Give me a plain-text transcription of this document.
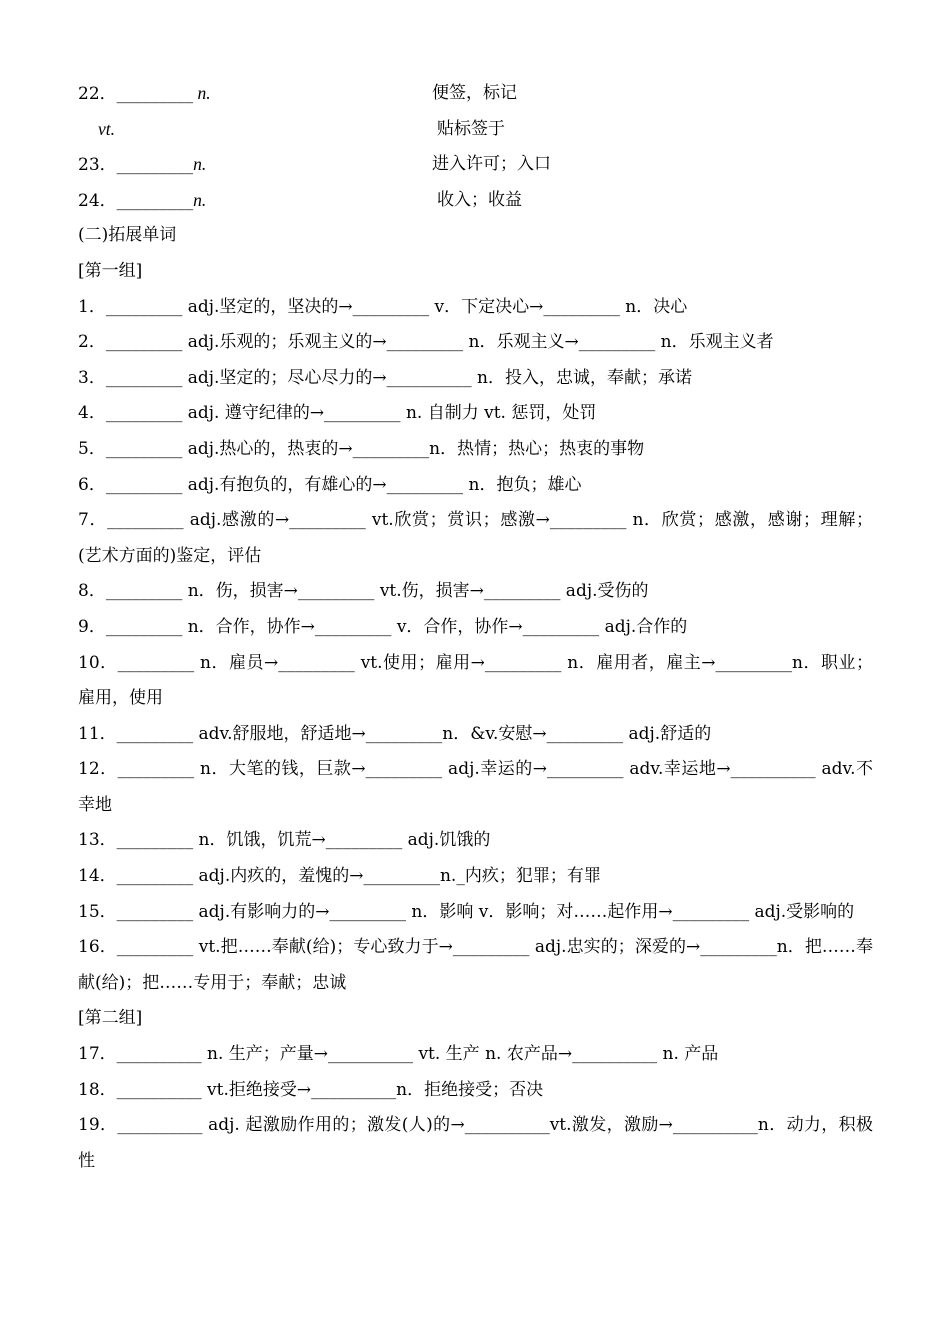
22．_________ n.	便签，标记
vt.	贴标签于
23．_________n.	进入许可；入口
24．_________n.	收入；收益
(二)拓展单词
[第一组]
1．_________ adj.坚定的，坚决的→_________ v．下定决心→_________ n．决心
2．_________ adj.乐观的；乐观主义的→_________ n．乐观主义→_________ n．乐观主义者
3．_________ adj.坚定的；尽心尽力的→__________ n．投入，忠诚，奉献；承诺
4．_________ adj. 遵守纪律的→_________ n. 自制力 vt. 惩罚，处罚
5．_________ adj.热心的，热衷的→_________n．热情；热心；热衷的事物
6．_________ adj.有抱负的，有雄心的→_________ n．抱负；雄心
7．_________ adj.感激的→_________ vt.欣赏；赏识；感激→_________ n．欣赏；感激，感谢；理解；(艺术方面的)鉴定，评估
8．_________ n．伤，损害→_________ vt.伤，损害→_________ adj.受伤的
9．_________ n．合作，协作→_________ v．合作，协作→_________ adj.合作的
10．_________ n．雇员→_________ vt.使用；雇用→_________ n．雇用者，雇主→_________n．职业；雇用，使用
11．_________ adv.舒服地，舒适地→_________n．&v.安慰→_________ adj.舒适的
12．_________ n．大笔的钱，巨款→_________ adj.幸运的→_________ adv.幸运地→__________ adv.不幸地
13．_________ n．饥饿，饥荒→_________ adj.饥饿的
14．_________ adj.内疚的，羞愧的→_________n._内疚；犯罪；有罪
15．_________ adj.有影响力的→_________ n．影响 v．影响；对……起作用→_________ adj.受影响的
16．_________ vt.把……奉献(给)；专心致力于→_________ adj.忠实的；深爱的→_________n．把……奉献(给)；把……专用于；奉献；忠诚
[第二组]
17．__________ n. 生产；产量→__________ vt. 生产 n. 农产品→__________ n. 产品
18．__________ vt.拒绝接受→__________n．拒绝接受；否决
19．__________ adj. 起激励作用的；激发(人)的→__________vt.激发，激励→__________n．动力，积极性
